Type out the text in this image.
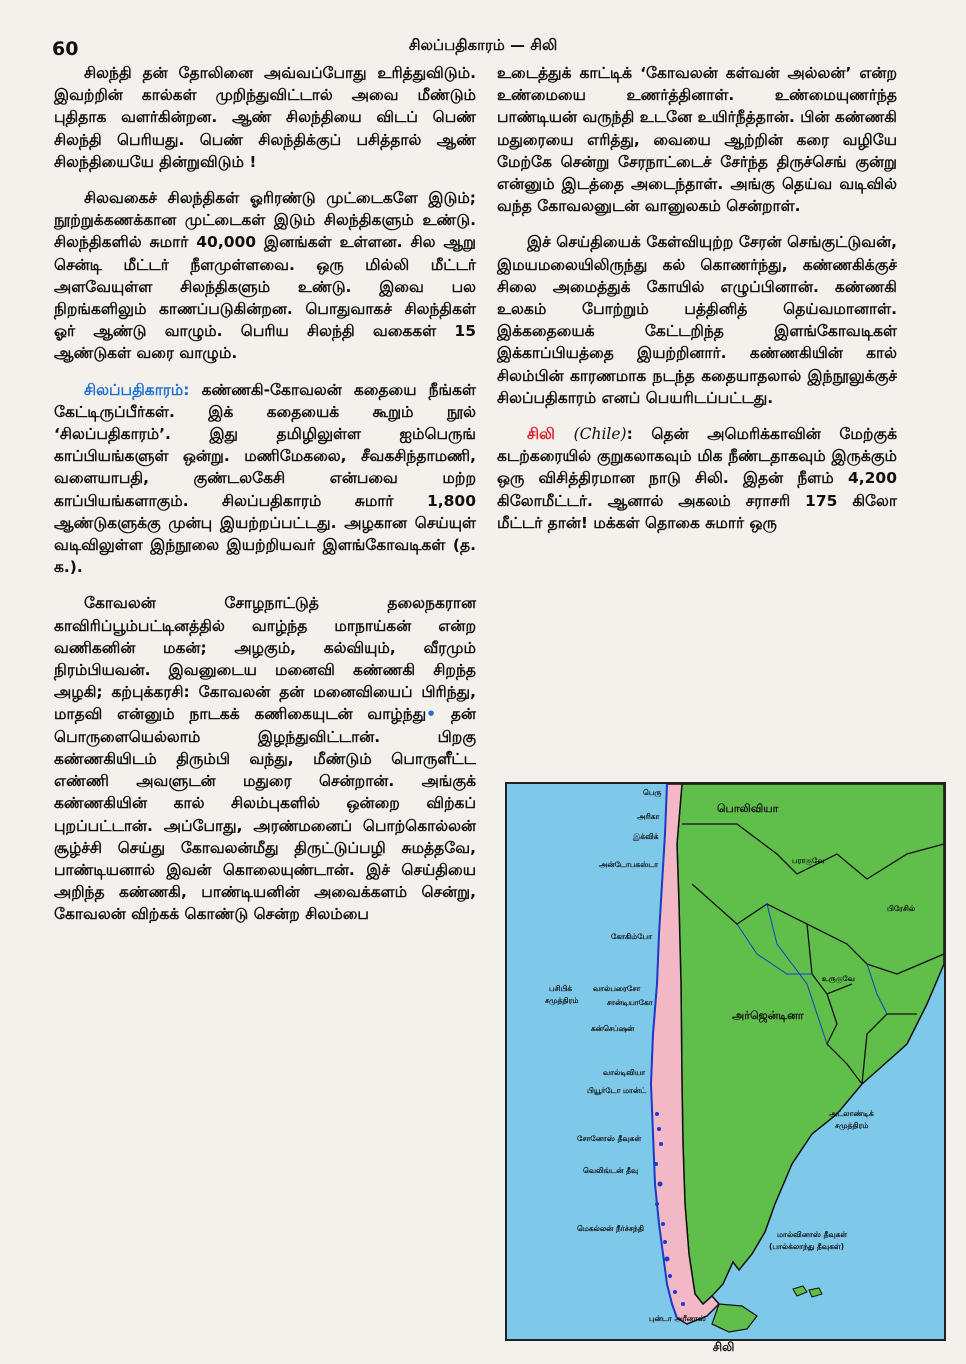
60	சிலப்பதிகாரம் — சிலி

சிலந்தி தன் தோலினை அவ்வப்போது உரித்துவிடும். இவற்றின் கால்கள் முறிந்துவிட்டால் அவை மீண்டும் புதிதாக வளர்கின்றன. ஆண் சிலந்தியை விடப் பெண் சிலந்தி பெரியது. பெண் சிலந்திக்குப் பசித்தால் ஆண் சிலந்தியையே தின்றுவிடும் !

சிலவகைச் சிலந்திகள் ஓரிரண்டு முட்டைகளே இடும்; நூற்றுக்கணக்கான முட்டைகள் இடும் சிலந்திகளும் உண்டு. சிலந்திகளில் சுமார் 40,000 இனங்கள் உள்ளன. சில ஆறு சென்டி மீட்டர் நீளமுள்ளவை. ஒரு மில்லி மீட்டர் அளவேயுள்ள சிலந்திகளும் உண்டு. இவை பல நிறங்களிலும் காணப்படுகின்றன. பொதுவாகச் சிலந்திகள் ஓர் ஆண்டு வாழும். பெரிய சிலந்தி வகைகள் 15 ஆண்டுகள் வரை வாழும்.

சிலப்பதிகாரம்: கண்ணகி-கோவலன் கதையை நீங்கள் கேட்டிருப்பீர்கள். இக் கதையைக் கூறும் நூல் ‘சிலப்பதிகாரம்’. இது தமிழிலுள்ள ஐம்பெருங் காப்பியங்களுள் ஒன்று. மணிமேகலை, சீவகசிந்தாமணி, வளையாபதி, குண்டலகேசி என்பவை மற்ற காப்பியங்களாகும். சிலப்பதிகாரம் சுமார் 1,800 ஆண்டுகளுக்கு முன்பு இயற்றப்பட்டது. அழகான செய்யுள் வடிவிலுள்ள இந்நூலை இயற்றியவர் இளங்கோவடிகள் (த. க.).

கோவலன் சோழநாட்டுத் தலைநகரான காவிரிப்பூம்பட்டினத்தில் வாழ்ந்த மாநாய்கன் என்ற வணிகனின் மகன்; அழகும், கல்வியும், வீரமும் நிரம்பியவன். இவனுடைய மனைவி கண்ணகி சிறந்த அழகி; கற்புக்கரசி: கோவலன் தன் மனைவியைப் பிரிந்து, மாதவி என்னும் நாடகக் கணிகையுடன் வாழ்ந்து• தன் பொருளையெல்லாம் இழந்துவிட்டான். பிறகு கண்ணகியிடம் திரும்பி வந்து, மீண்டும் பொருளீட்ட எண்ணி அவளுடன் மதுரை சென்றான். அங்குக் கண்ணகியின் கால் சிலம்புகளில் ஒன்றை விற்கப் புறப்பட்டான். அப்போது, அரண்மனைப் பொற்கொல்லன் சூழ்ச்சி செய்து கோவலன்மீது திருட்டுப்பழி சுமத்தவே, பாண்டியனால் இவன் கொலையுண்டான். இச் செய்தியை அறிந்த கண்ணகி, பாண்டியனின் அவைக்களம் சென்று, கோவலன் விற்கக் கொண்டு சென்ற சிலம்பை

உடைத்துக் காட்டிக் ‘கோவலன் கள்வன் அல்லன்’ என்ற உண்மையை உணர்த்தினாள். உண்மையுணர்ந்த பாண்டியன் வருந்தி உடனே உயிர்நீத்தான். பின் கண்ணகி மதுரையை எரித்து, வையை ஆற்றின் கரை வழியே மேற்கே சென்று சேரநாட்டைச் சேர்ந்த திருச்செங் குன்று என்னும் இடத்தை அடைந்தாள். அங்கு தெய்வ வடிவில் வந்த கோவலனுடன் வானுலகம் சென்றாள்.

இச் செய்தியைக் கேள்வியுற்ற சேரன் செங்குட்டுவன், இமயமலையிலிருந்து கல் கொணர்ந்து, கண்ணகிக்குச் சிலை அமைத்துக் கோயில் எழுப்பினான். கண்ணகி உலகம் போற்றும் பத்தினித் தெய்வமானாள். இக்கதையைக் கேட்டறிந்த இளங்கோவடிகள் இக்காப்பியத்தை இயற்றினார். கண்ணகியின் கால் சிலம்பின் காரணமாக நடந்த கதையாதலால் இந்நூலுக்குச் சிலப்பதிகாரம் எனப் பெயரிடப்பட்டது.

சிலி (Chile): தென் அமெரிக்காவின் மேற்குக் கடற்கரையில் குறுகலாகவும் மிக நீண்டதாகவும் இருக்கும் ஒரு விசித்திரமான நாடு சிலி. இதன் நீளம் 4,200 கிலோமீட்டர். ஆனால் அகலம் சராசரி 175 கிலோ மீட்டர் தான்! மக்கள் தொகை சுமார் ஒரு

பொலிவியா
பராகுவே
பிரேசில்
உருகுவே
அர்ஜென்டினா
பசிபிக்
சமுத்திரம்
அட்லாண்டிக்
சமுத்திரம்
பெரு
அரிகா
இக்விக்
அன்டோபகஸ்டா
கோகிம்போ
வால்பரைசோ
சான்டியாகோ
கன்செப்ஷன்
வால்டிவியா
பியூர்டோ மான்ட்
சோனோஸ் தீவுகள்
வெலிங்டன் தீவு
மெகல்லன் நீர்ச்சந்தி
மால்வினாஸ் தீவுகள்
(பால்க்லாந்து தீவுகள்)
புன்டா அரீனாஸ்
சிலி
